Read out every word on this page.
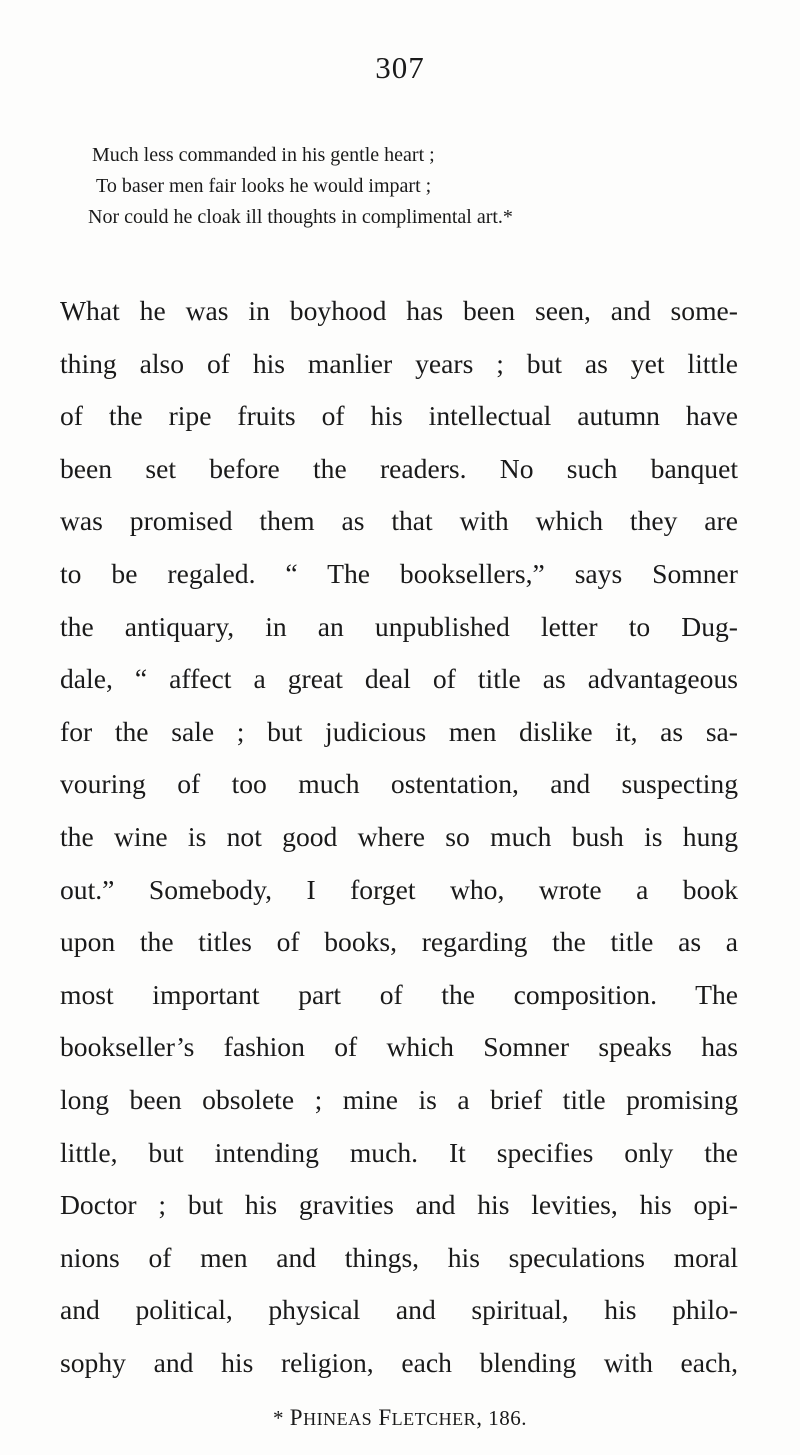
307
Much less commanded in his gentle heart ;
To baser men fair looks he would impart ;
Nor could he cloak ill thoughts in complimental art.*
What he was in boyhood has been seen, and some-
thing also of his manlier years ; but as yet little
of the ripe fruits of his intellectual autumn have
been set before the readers. No such banquet
was promised them as that with which they are
to be regaled. “ The booksellers,” says Somner
the antiquary, in an unpublished letter to Dug-
dale, “ affect a great deal of title as advantageous
for the sale ; but judicious men dislike it, as sa-
vouring of too much ostentation, and suspecting
the wine is not good where so much bush is hung
out.” Somebody, I forget who, wrote a book
upon the titles of books, regarding the title as a
most important part of the composition. The
bookseller’s fashion of which Somner speaks has
long been obsolete ; mine is a brief title promising
little, but intending much. It specifies only the
Doctor ; but his gravities and his levities, his opi-
nions of men and things, his speculations moral
and political, physical and spiritual, his philo-
sophy and his religion, each blending with each,
* PHINEAS FLETCHER, 186.
